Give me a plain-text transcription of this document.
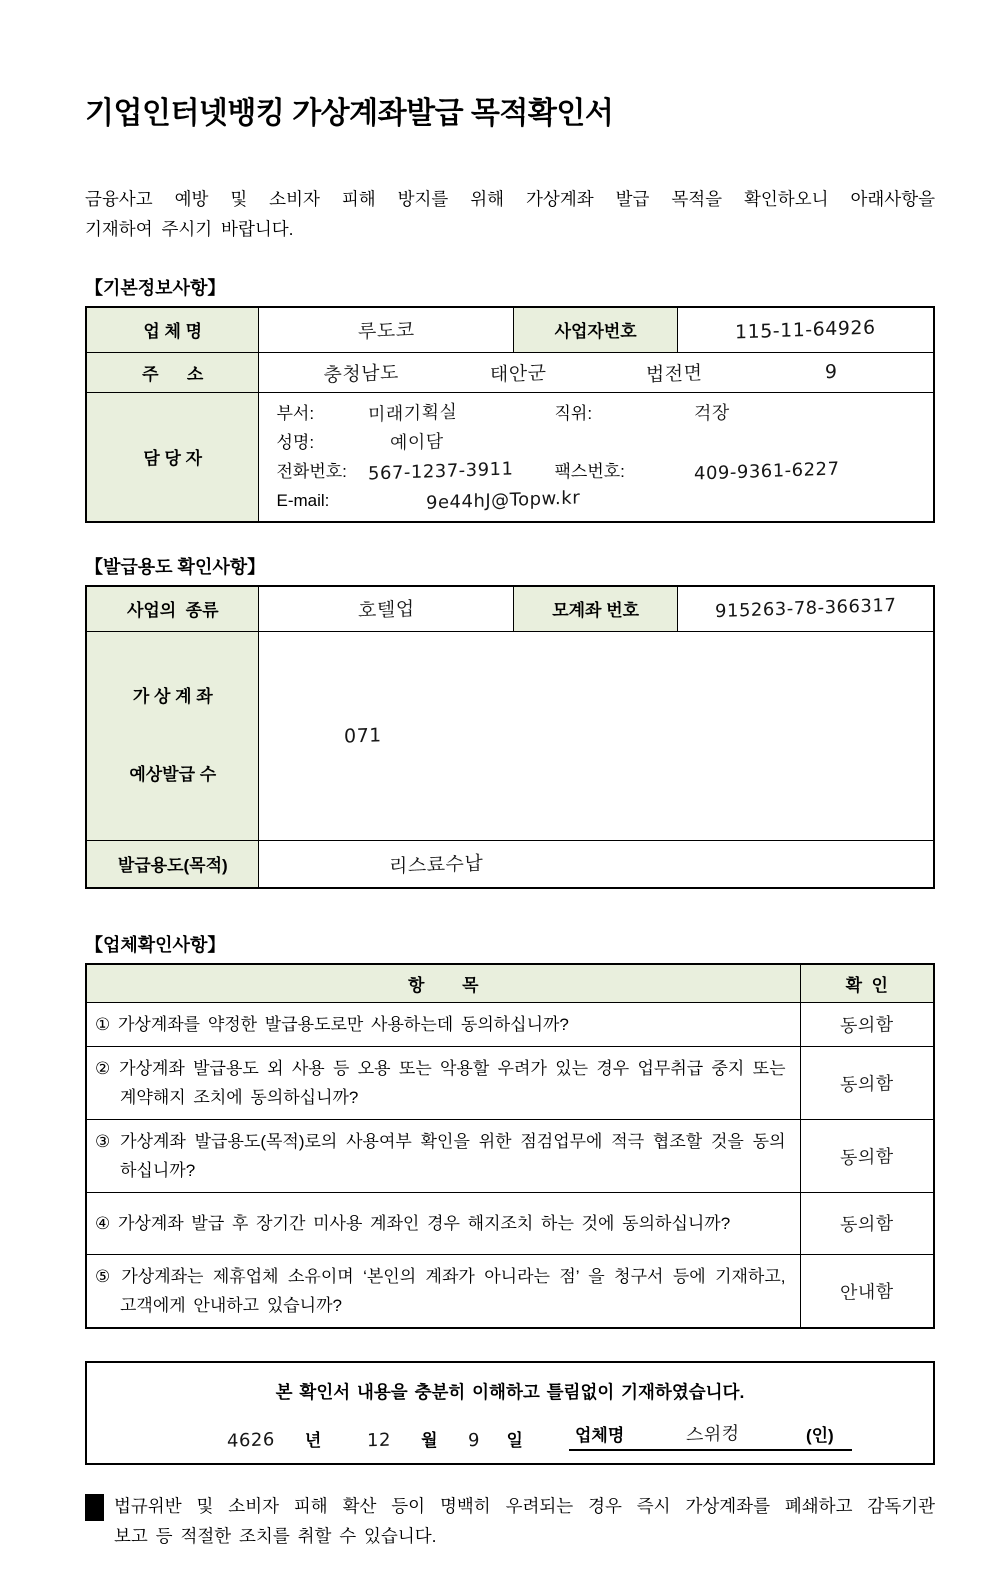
기업인터넷뱅킹 가상계좌발급 목적확인서
금융사고 예방 및 소비자 피해 방지를 위해 가상계좌 발급 목적을 확인하오니 아래사항을
기재하여 주시기 바랍니다.
【기본정보사항】
업 체 명	루도코	사업자번호	115-11-64926
주      소	충청남도 태안군 법전면 9		

담 당 자	
부서:	미래기획실	직위:	걱장
성명:	예이담
전화번호:	567-1237-3911	팩스번호:	409-9361-6227
E-mail:	9e44hJ@Topw.kr
【발급용도 확인사항】
사업의  종류	호텔업	모계좌 번호	915263-78-366317

가 상 계 좌

예상발급 수	071		
발급용도(목적)	리스료수납		
【업체확인사항】
항        목	확  인
① 가상계좌를 약정한 발급용도로만 사용하는데 동의하십니까?	동의함
② 가상계좌 발급용도 외 사용 등 오용 또는 악용할 우려가 있는 경우 업무취급 중지 또는 계약해지 조치에 동의하십니까?	동의함
③ 가상계좌 발급용도(목적)로의 사용여부 확인을 위한 점검업무에 적극 협조할 것을 동의하십니까?	동의함
④ 가상계좌 발급 후 장기간 미사용 계좌인 경우 해지조치 하는 것에 동의하십니까?	동의함
⑤ 가상계좌는 제휴업체 소유이며 ‘본인의 계좌가 아니라는 점’ 을 청구서 등에 기재하고, 고객에게 안내하고 있습니까?	안내함
본 확인서 내용을 충분히 이해하고 틀림없이 기재하였습니다.
4626 년	12 월 9 일	업체명	스위컹	(인)
법규위반 및 소비자 피해 확산 등이 명백히 우려되는 경우 즉시 가상계좌를 폐쇄하고 감독기관
보고 등 적절한 조치를 취할 수 있습니다.
